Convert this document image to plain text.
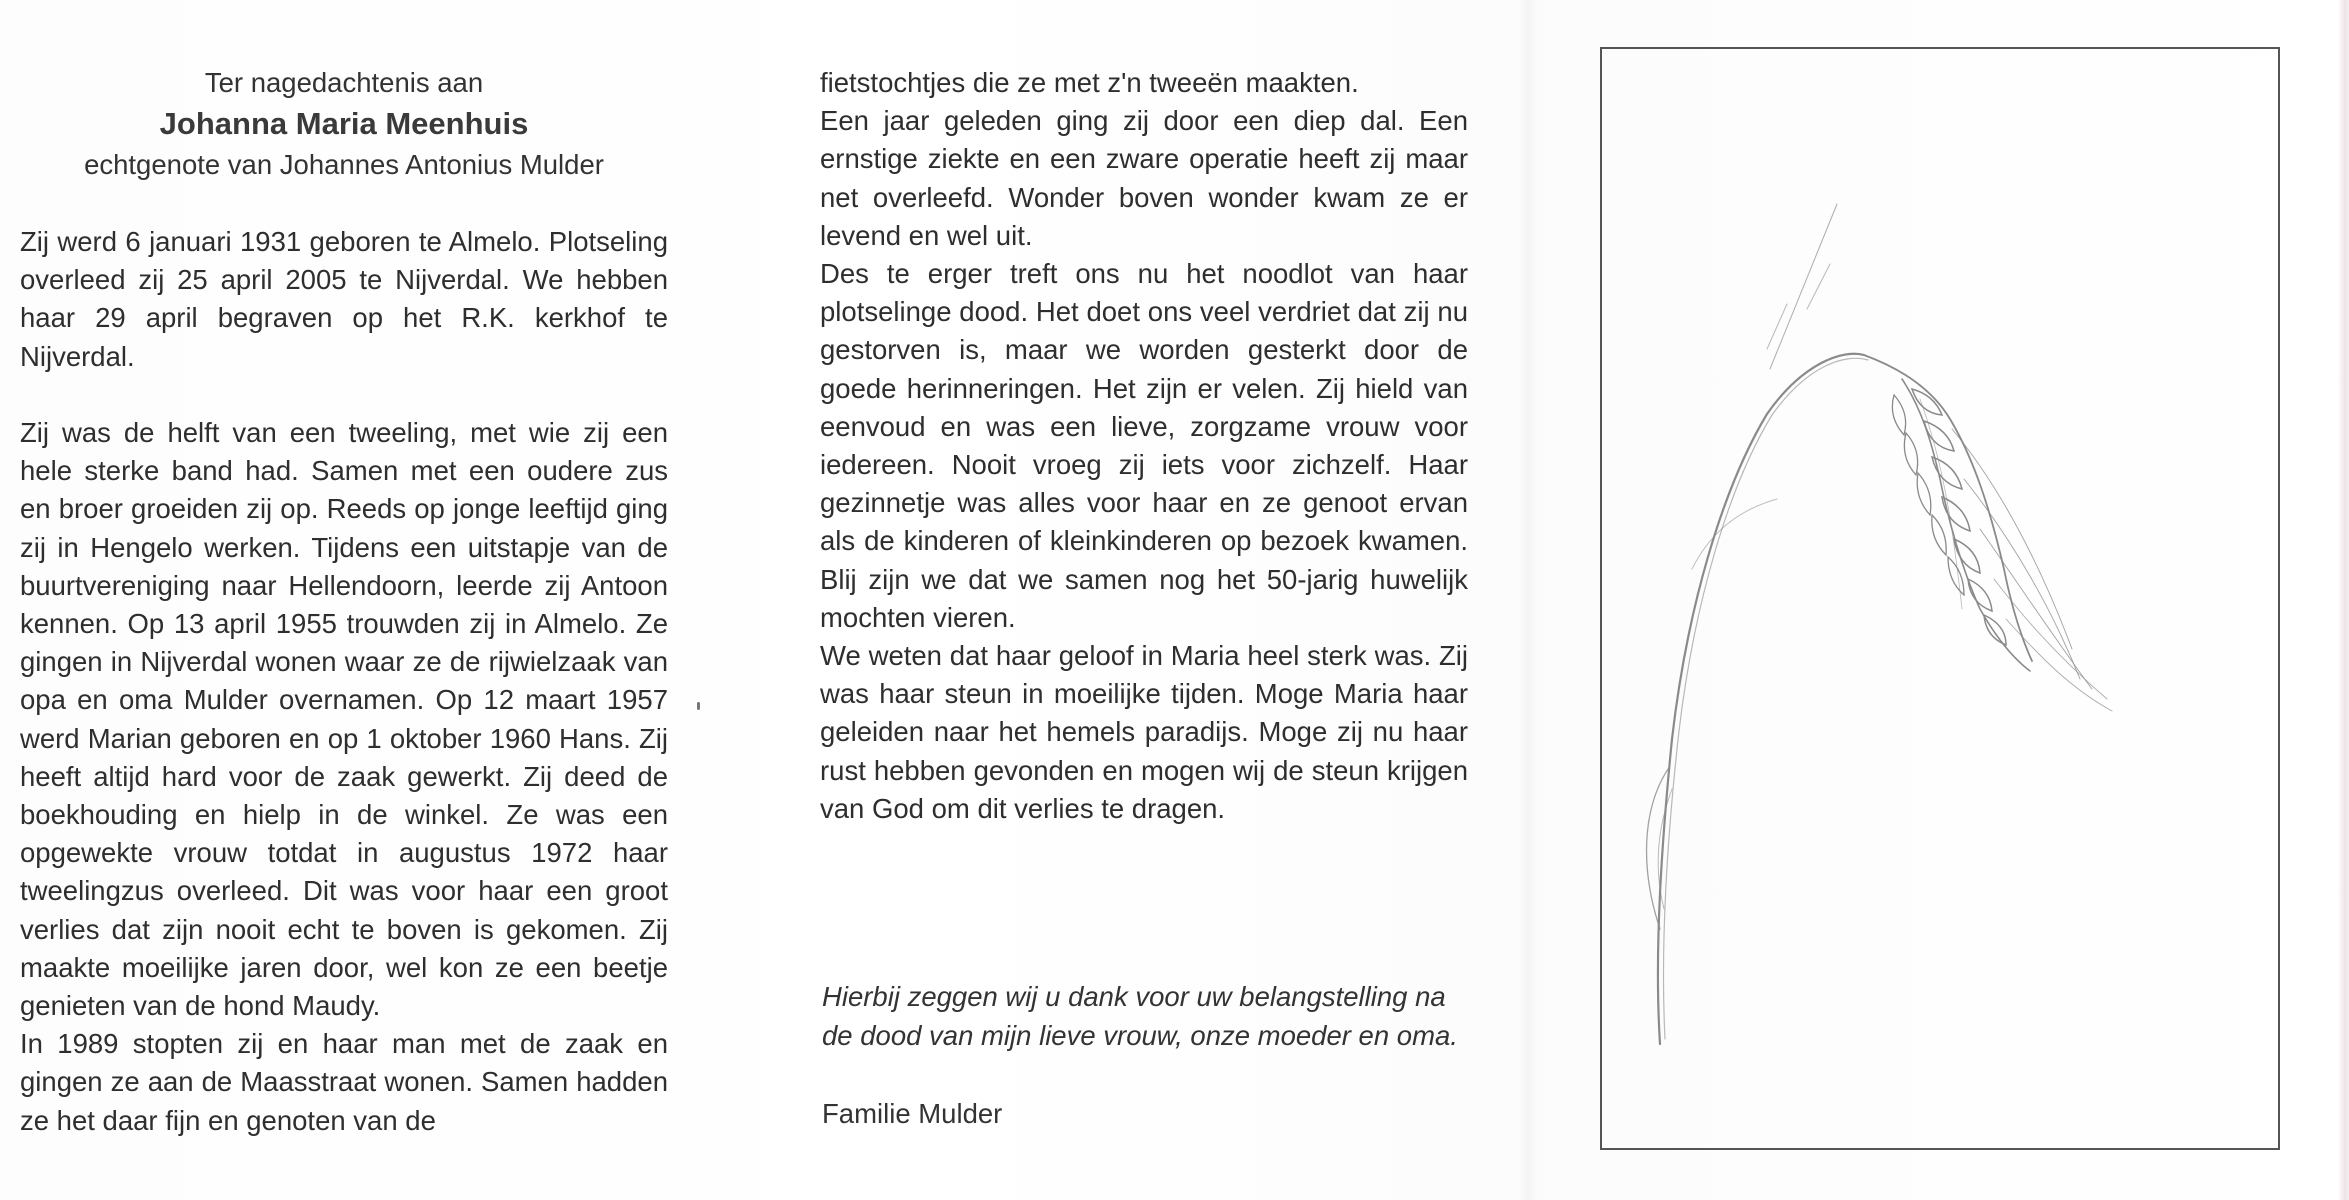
Ter nagedachtenis aan
Johanna Maria Meenhuis
echtgenote van Johannes Antonius Mulder

Zij werd 6 januari 1931 geboren te Almelo. Plotseling overleed zij 25 april 2005 te Nijverdal. We hebben haar 29 april begraven op het R.K. kerkhof te Nijverdal.

Zij was de helft van een tweeling, met wie zij een hele sterke band had. Samen met een oudere zus en broer groeiden zij op. Reeds op jonge leeftijd ging zij in Hengelo werken. Tijdens een uitstapje van de buurtvereniging naar Hellendoorn, leerde zij Antoon kennen. Op 13 april 1955 trouwden zij in Almelo. Ze gingen in Nijverdal wonen waar ze de rijwielzaak van opa en oma Mulder overnamen. Op 12 maart 1957 werd Marian geboren en op 1 oktober 1960 Hans. Zij heeft altijd hard voor de zaak gewerkt. Zij deed de boekhouding en hielp in de winkel. Ze was een opgewekte vrouw totdat in augustus 1972 haar tweelingzus overleed. Dit was voor haar een groot verlies dat zijn nooit echt te boven is gekomen. Zij maakte moeilijke jaren door, wel kon ze een beetje genieten van de hond Maudy.

In 1989 stopten zij en haar man met de zaak en gingen ze aan de Maasstraat wonen. Samen hadden ze het daar fijn en genoten van de

fietstochtjes die ze met z'n tweeën maakten.

Een jaar geleden ging zij door een diep dal. Een ernstige ziekte en een zware operatie heeft zij maar net overleefd. Wonder boven wonder kwam ze er levend en wel uit.

Des te erger treft ons nu het noodlot van haar plotselinge dood. Het doet ons veel verdriet dat zij nu gestorven is, maar we worden gesterkt door de goede herinneringen. Het zijn er velen. Zij hield van eenvoud en was een lieve, zorgzame vrouw voor iedereen. Nooit vroeg zij iets voor zichzelf. Haar gezinnetje was alles voor haar en ze genoot ervan als de kinderen of kleinkinderen op bezoek kwamen. Blij zijn we dat we samen nog het 50-jarig huwelijk mochten vieren.

We weten dat haar geloof in Maria heel sterk was. Zij was haar steun in moeilijke tijden. Moge Maria haar geleiden naar het hemels paradijs. Moge zij nu haar rust hebben gevonden en mogen wij de steun krijgen van God om dit verlies te dragen.

Hierbij zeggen wij u dank voor uw belangstelling na de dood van mijn lieve vrouw, onze moeder en oma.

Familie Mulder
